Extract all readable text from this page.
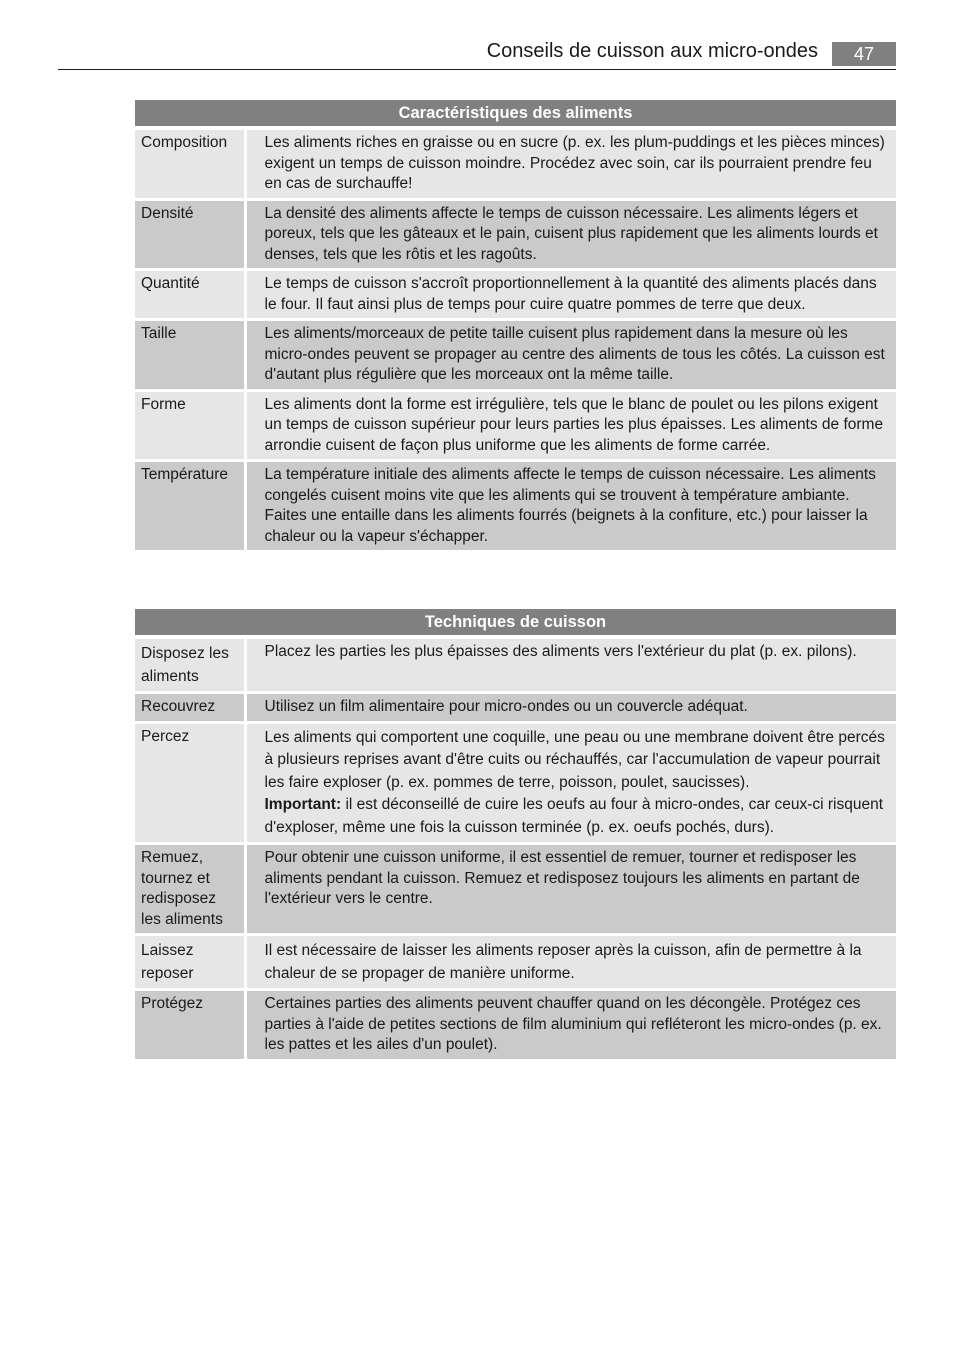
Conseils de cuisson aux micro-ondes	47
Caractéristiques des aliments	
Composition	Les aliments riches en graisse ou en sucre (p. ex. les plum-puddings et les pièces minces) exigent un temps de cuisson moindre. Procédez avec soin, car ils pourraient prendre feu en cas de surchauffe!
Densité	La densité des aliments affecte le temps de cuisson nécessaire. Les aliments légers et poreux, tels que les gâteaux et le pain, cuisent plus rapidement que les aliments lourds et denses, tels que les rôtis et les ragoûts.
Quantité	Le temps de cuisson s'accroît proportionnellement à la quantité des aliments placés dans le four. Il faut ainsi plus de temps pour cuire quatre pommes de terre que deux.
Taille	Les aliments/morceaux de petite taille cuisent plus rapidement dans la mesure où les micro-ondes peuvent se propager au centre des aliments de tous les côtés. La cuisson est d'autant plus régulière que les morceaux ont la même taille.
Forme	Les aliments dont la forme est irrégulière, tels que le blanc de poulet ou les pilons exigent un temps de cuisson supérieur pour leurs parties les plus épaisses. Les aliments de forme arrondie cuisent de façon plus uniforme que les aliments de forme carrée.
Température	La température initiale des aliments affecte le temps de cuisson nécessaire. Les aliments congelés cuisent moins vite que les aliments qui se trouvent à température ambiante. Faites une entaille dans les aliments fourrés (beignets à la confiture, etc.) pour laisser la chaleur ou la vapeur s'échapper.
Techniques de cuisson	
Disposez les aliments	Placez les parties les plus épaisses des aliments vers l'extérieur du plat (p. ex. pilons).
Recouvrez	Utilisez un film alimentaire pour micro-ondes ou un couvercle adéquat.
Percez	Les aliments qui comportent une coquille, une peau ou une membrane doivent être percés à plusieurs reprises avant d'être cuits ou réchauffés, car l'accumulation de vapeur pourrait les faire exploser (p. ex. pommes de terre, poisson, poulet, saucisses).
Important: il est déconseillé de cuire les oeufs au four à micro-ondes, car ceux-ci risquent d'exploser, même une fois la cuisson terminée (p. ex. oeufs pochés, durs).
Remuez, tournez et redisposez les aliments	Pour obtenir une cuisson uniforme, il est essentiel de remuer, tourner et redisposer les aliments pendant la cuisson. Remuez et redisposez toujours les aliments en partant de l'extérieur vers le centre.
Laissez reposer	Il est nécessaire de laisser les aliments reposer après la cuisson, afin de permettre à la chaleur de se propager de manière uniforme.
Protégez	Certaines parties des aliments peuvent chauffer quand on les décongèle. Protégez ces parties à l'aide de petites sections de film aluminium qui refléteront les micro-ondes (p. ex. les pattes et les ailes d'un poulet).
